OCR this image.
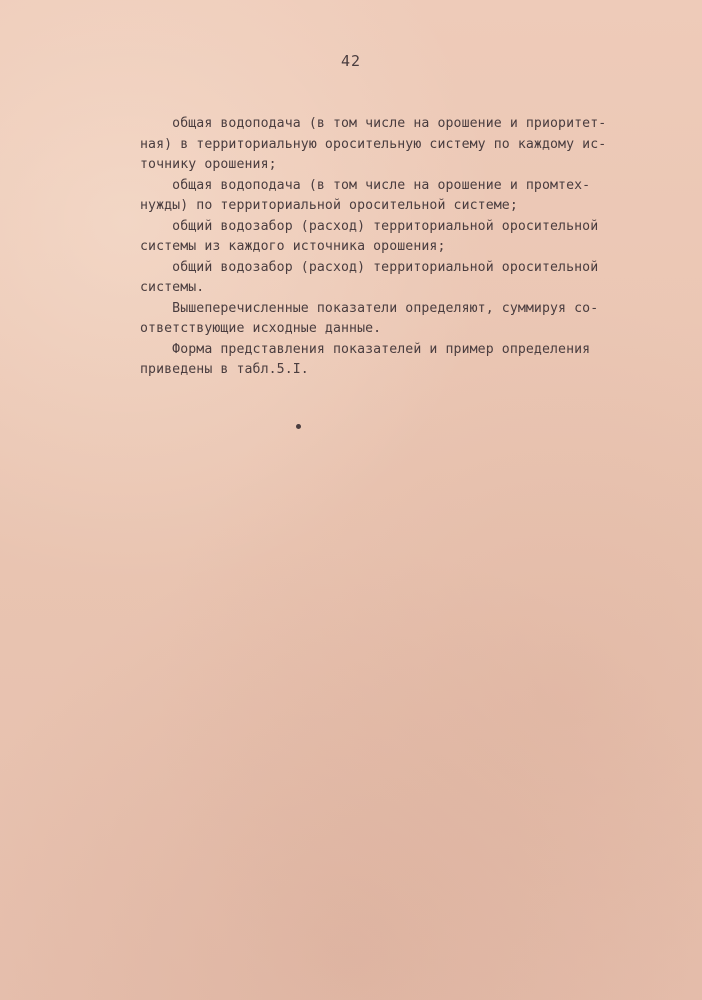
42
общая водоподача (в том числе на орошение и приоритет-
ная) в территориальную оросительную систему по каждому ис-
точнику орошения;
общая водоподача (в том числе на орошение и промтех-
нужды) по территориальной оросительной системе;
общий водозабор (расход) территориальной оросительной
системы из каждого источника орошения;
общий водозабор (расход) территориальной оросительной
системы.
Вышеперечисленные показатели определяют, суммируя со-
ответствующие исходные данные.
Форма представления показателей и пример определения
приведены в табл.5.I.
